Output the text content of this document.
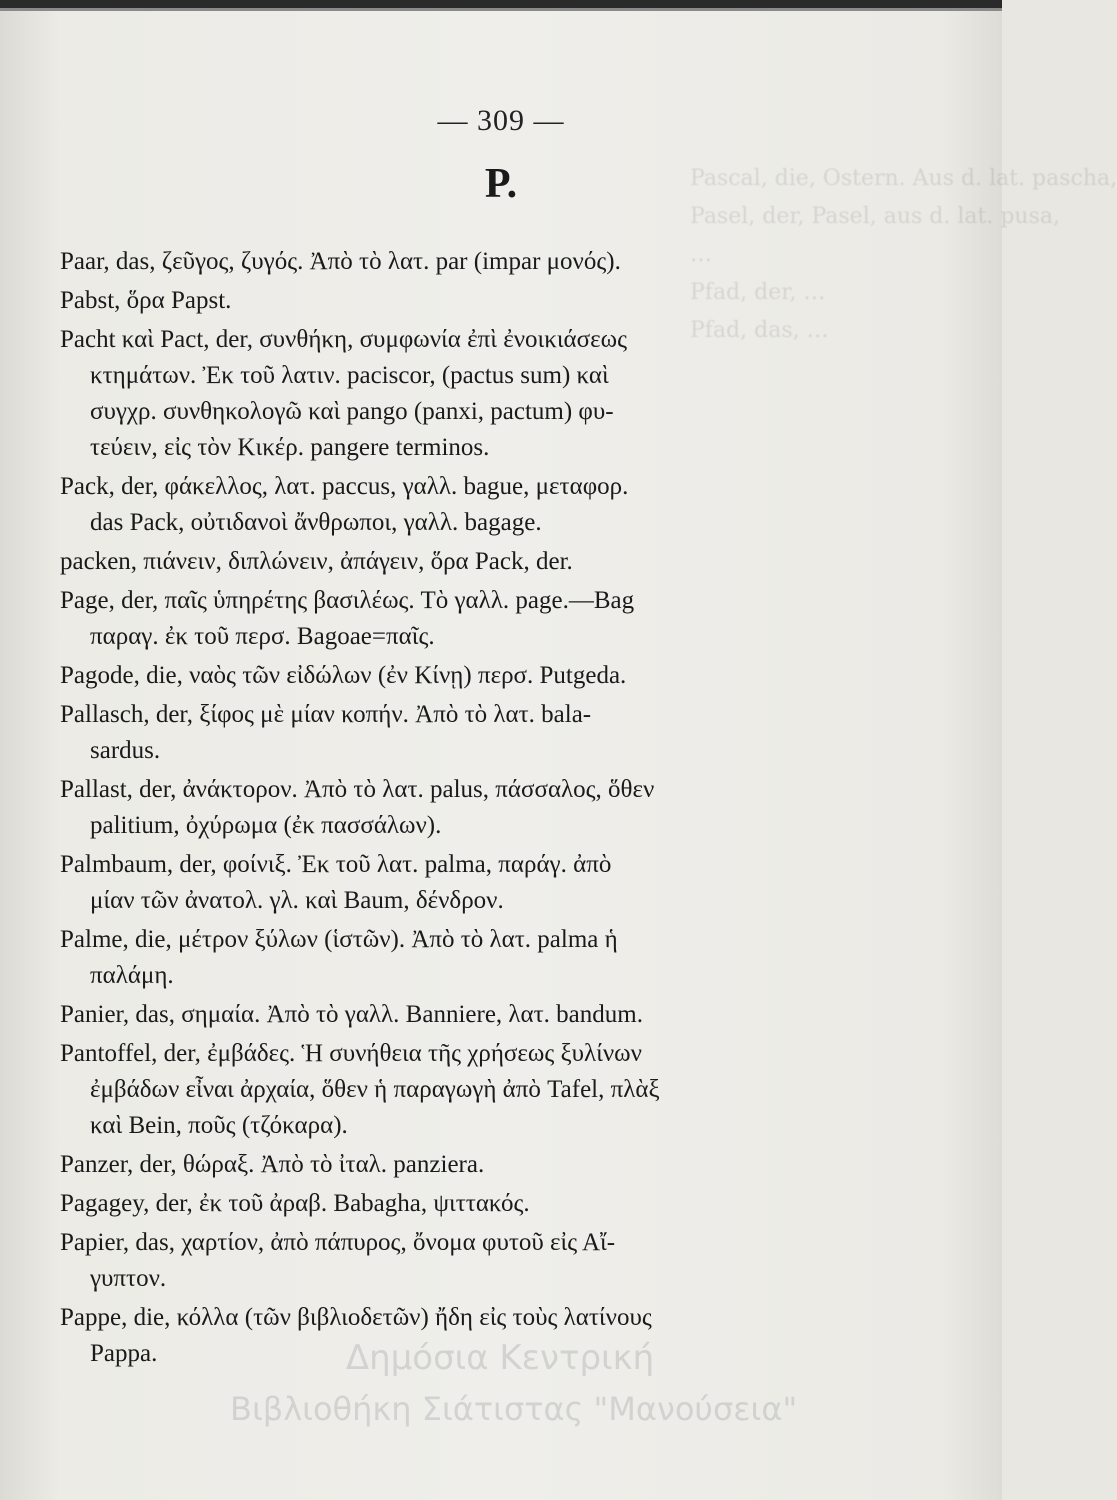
Pascal, die, Ostern. Aus d. lat. pascha,
Pasel, der, Pasel, aus d. lat. pusa,
…
Pfad, der, …
Pfad, das, …
— 309 —
P.
Paar, das, ζεῦγος, ζυγός. Ἀπὸ τὸ λατ. par (impar μονός).
Pabst, ὅρα Papst.
Pacht καὶ Pact, der, συνθήκη, συμφωνία ἐπὶ ἐνοικιάσεως
κτημάτων. Ἐκ τοῦ λατιν. paciscor, (pactus sum) καὶ
συγχρ. συνθηκολογῶ καὶ pango (panxi, pactum) φυ-
τεύειν, εἰς τὸν Κικέρ. pangere terminos.
Pack, der, φάκελλος, λατ. paccus, γαλλ. bague, μεταφορ.
das Pack, οὐτιδανοὶ ἄνθρωποι, γαλλ. bagage.
packen, πιάνειν, διπλώνειν, ἀπάγειν, ὅρα Pack, der.
Page, der, παῖς ὑπηρέτης βασιλέως. Τὸ γαλλ. page.—Bag
παραγ. ἐκ τοῦ περσ. Bagoae=παῖς.
Pagode, die, ναὸς τῶν εἰδώλων (ἐν Κίνῃ) περσ. Putgeda.
Pallasch, der, ξίφος μὲ μίαν κοπήν. Ἀπὸ τὸ λατ. bala-
sardus.
Pallast, der, ἀνάκτορον. Ἀπὸ τὸ λατ. palus, πάσσαλος, ὅθεν
palitium, ὀχύρωμα (ἐκ πασσάλων).
Palmbaum, der, φοίνιξ. Ἐκ τοῦ λατ. palma, παράγ. ἀπὸ
μίαν τῶν ἀνατολ. γλ. καὶ Baum, δένδρον.
Palme, die, μέτρον ξύλων (ἱστῶν). Ἀπὸ τὸ λατ. palma ἡ
παλάμη.
Panier, das, σημαία. Ἀπὸ τὸ γαλλ. Banniere, λατ. bandum.
Pantoffel, der, ἐμβάδες. Ἡ συνήθεια τῆς χρήσεως ξυλίνων
ἐμβάδων εἶναι ἀρχαία, ὅθεν ἡ παραγωγὴ ἀπὸ Tafel, πλὰξ
καὶ Bein, ποῦς (τζόκαρα).
Panzer, der, θώραξ. Ἀπὸ τὸ ἰταλ. panziera.
Pagagey, der, ἐκ τοῦ ἀραβ. Babagha, ψιττακός.
Papier, das, χαρτίον, ἀπὸ πάπυρος, ὄνομα φυτοῦ εἰς Αἴ-
γυπτον.
Pappe, die, κόλλα (τῶν βιβλιοδετῶν) ἤδη εἰς τοὺς λατίνους
Pappa.	Δημόσια Κεντρική
Βιβλιοθήκη Σιάτιστας "Μανούσεια"
